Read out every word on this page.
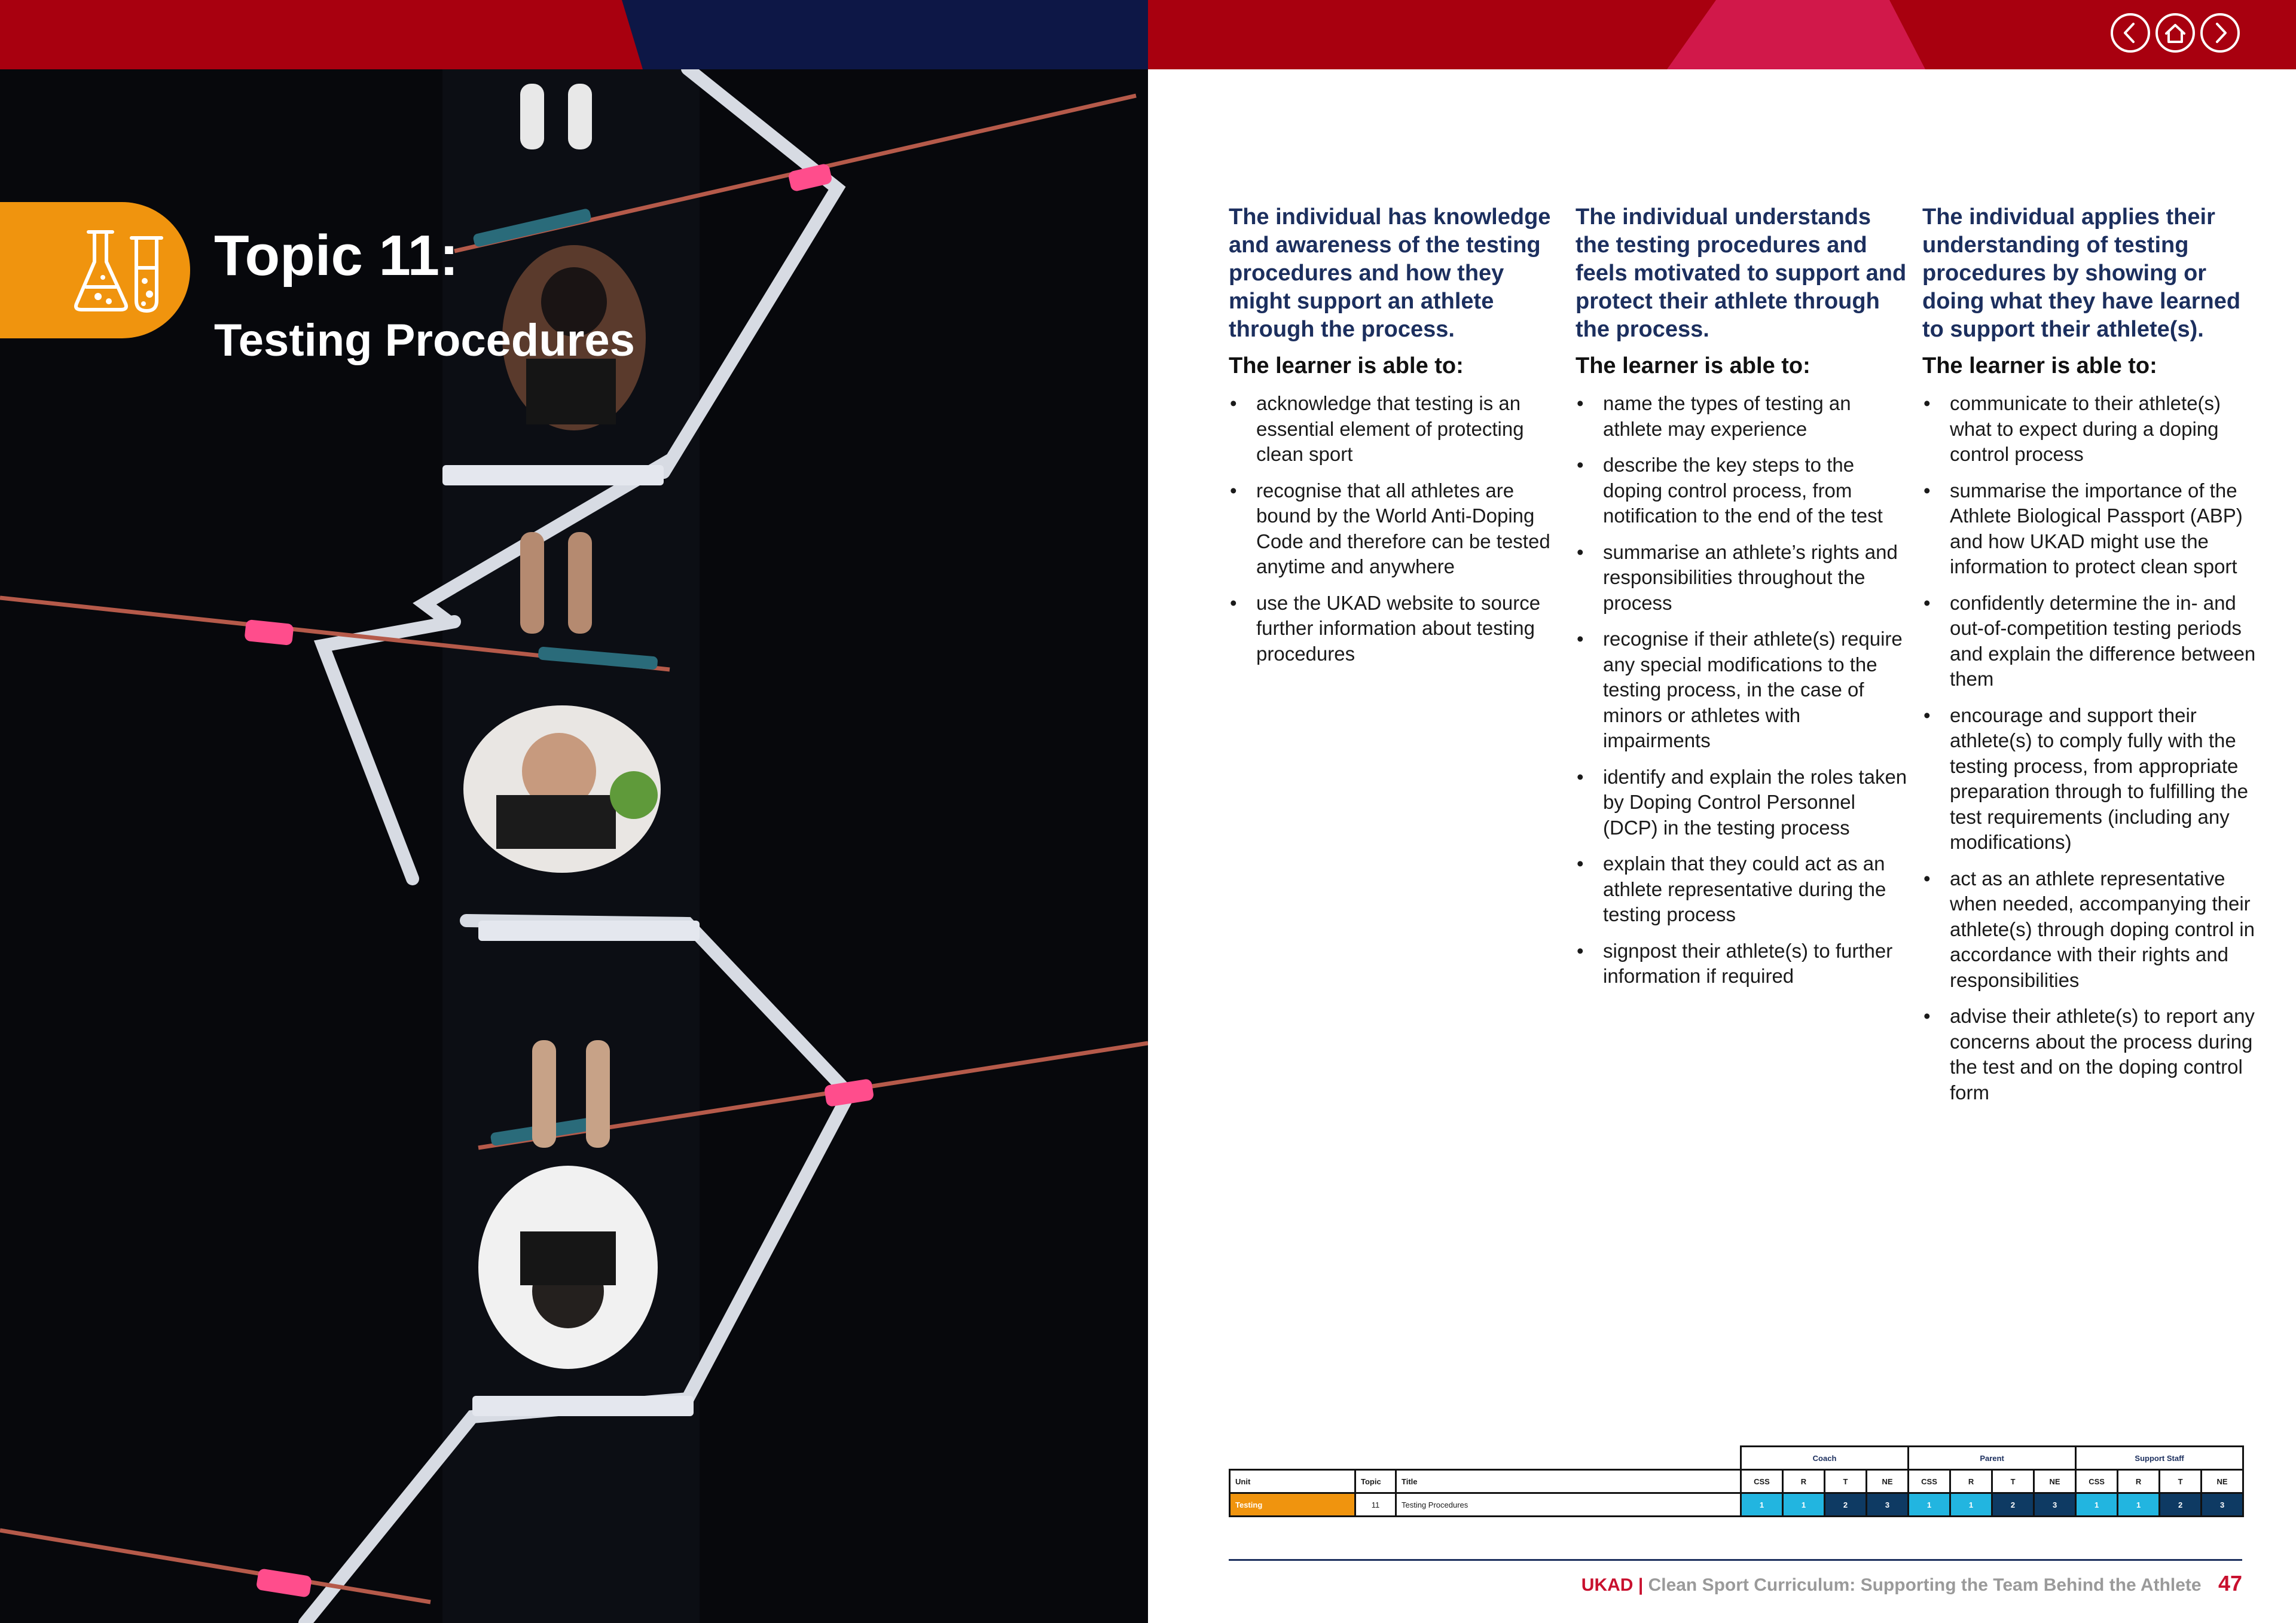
Topic 11:
Testing Procedures

The individual has knowledge and awareness of the testing procedures and how they might support an athlete through the process.

The learner is able to:

• acknowledge that testing is an essential element of protecting clean sport
• recognise that all athletes are bound by the World Anti-Doping Code and therefore can be tested anytime and anywhere
• use the UKAD website to source further information about testing procedures

The individual understands the testing procedures and feels motivated to support and protect their athlete through the process.

The learner is able to:

• name the types of testing an athlete may experience
• describe the key steps to the doping control process, from notification to the end of the test
• summarise an athlete’s rights and responsibilities throughout the process
• recognise if their athlete(s) require any special modifications to the testing process, in the case of minors or athletes with impairments
• identify and explain the roles taken by Doping Control Personnel (DCP) in the testing process
• explain that they could act as an athlete representative during the testing process
• signpost their athlete(s) to further information if required

The individual applies their understanding of testing procedures by showing or doing what they have learned to support their athlete(s).

The learner is able to:

• communicate to their athlete(s) what to expect during a doping control process
• summarise the importance of the Athlete Biological Passport (ABP) and how UKAD might use the information to protect clean sport
• confidently determine the in- and out-of-competition testing periods and explain the difference between them
• encourage and support their athlete(s) to comply fully with the testing process, from appropriate preparation through to fulfilling the test requirements (including any modifications)
• act as an athlete representative when needed, accompanying their athlete(s) through doping control in accordance with their rights and responsibilities
• advise their athlete(s) to report any concerns about the process during the test and on the doping control form
			Coach				Parent				Support Staff			
Unit	Topic	Title	CSS	R	T	NE	CSS	R	T	NE	CSS	R	T	NE
Testing	11	Testing Procedures	1	1	2	3	1	1	2	3	1	1	2	3
UKAD | Clean Sport Curriculum: Supporting the Team Behind the Athlete 47
